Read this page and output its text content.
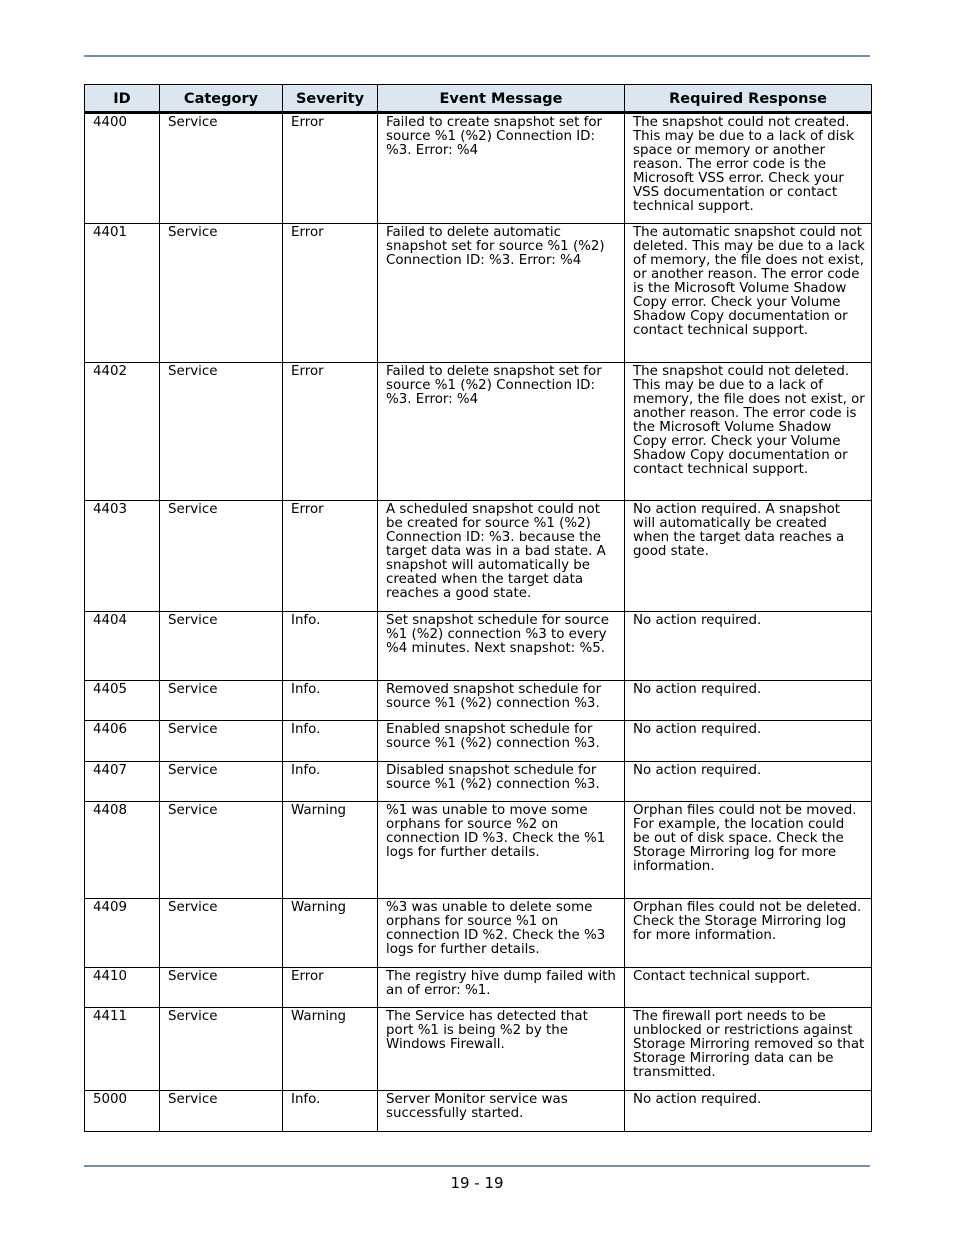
ID	Category	Severity	Event Message	Required Response
4400	Service	Error	Failed to create snapshot set for source %1 (%2) Connection ID: %3. Error: %4	The snapshot could not created. This may be due to a lack of disk space or memory or another reason. The error code is the Microsoft VSS error. Check your VSS documentation or contact technical support.
4401	Service	Error	Failed to delete automatic snapshot set for source %1 (%2) Connection ID: %3. Error: %4	The automatic snapshot could not deleted. This may be due to a lack of memory, the file does not exist, or another reason. The error code is the Microsoft Volume Shadow Copy error. Check your Volume Shadow Copy documentation or contact technical support.
4402	Service	Error	Failed to delete snapshot set for source %1 (%2) Connection ID: %3. Error: %4	The snapshot could not deleted. This may be due to a lack of memory, the file does not exist, or another reason. The error code is the Microsoft Volume Shadow Copy error. Check your Volume Shadow Copy documentation or contact technical support.
4403	Service	Error	A scheduled snapshot could not be created for source %1 (%2) Connection ID: %3. because the target data was in a bad state. A snapshot will automatically be created when the target data reaches a good state.	No action required. A snapshot will automatically be created when the target data reaches a good state.
4404	Service	Info.	Set snapshot schedule for source %1 (%2) connection %3 to every %4 minutes. Next snapshot: %5.	No action required.
4405	Service	Info.	Removed snapshot schedule for source %1 (%2) connection %3.	No action required.
4406	Service	Info.	Enabled snapshot schedule for source %1 (%2) connection %3.	No action required.
4407	Service	Info.	Disabled snapshot schedule for source %1 (%2) connection %3.	No action required.
4408	Service	Warning	%1 was unable to move some orphans for source %2 on connection ID %3. Check the %1 logs for further details.	Orphan files could not be moved. For example, the location could be out of disk space. Check the Storage Mirroring log for more information.
4409	Service	Warning	%3 was unable to delete some orphans for source %1 on connection ID %2. Check the %3 logs for further details.	Orphan files could not be deleted. Check the Storage Mirroring log for more information.
4410	Service	Error	The registry hive dump failed with an of error: %1.	Contact technical support.
4411	Service	Warning	The Service has detected that port %1 is being %2 by the Windows Firewall.	The firewall port needs to be unblocked or restrictions against Storage Mirroring removed so that Storage Mirroring data can be transmitted.
5000	Service	Info.	Server Monitor service was successfully started.	No action required.
19 - 19
